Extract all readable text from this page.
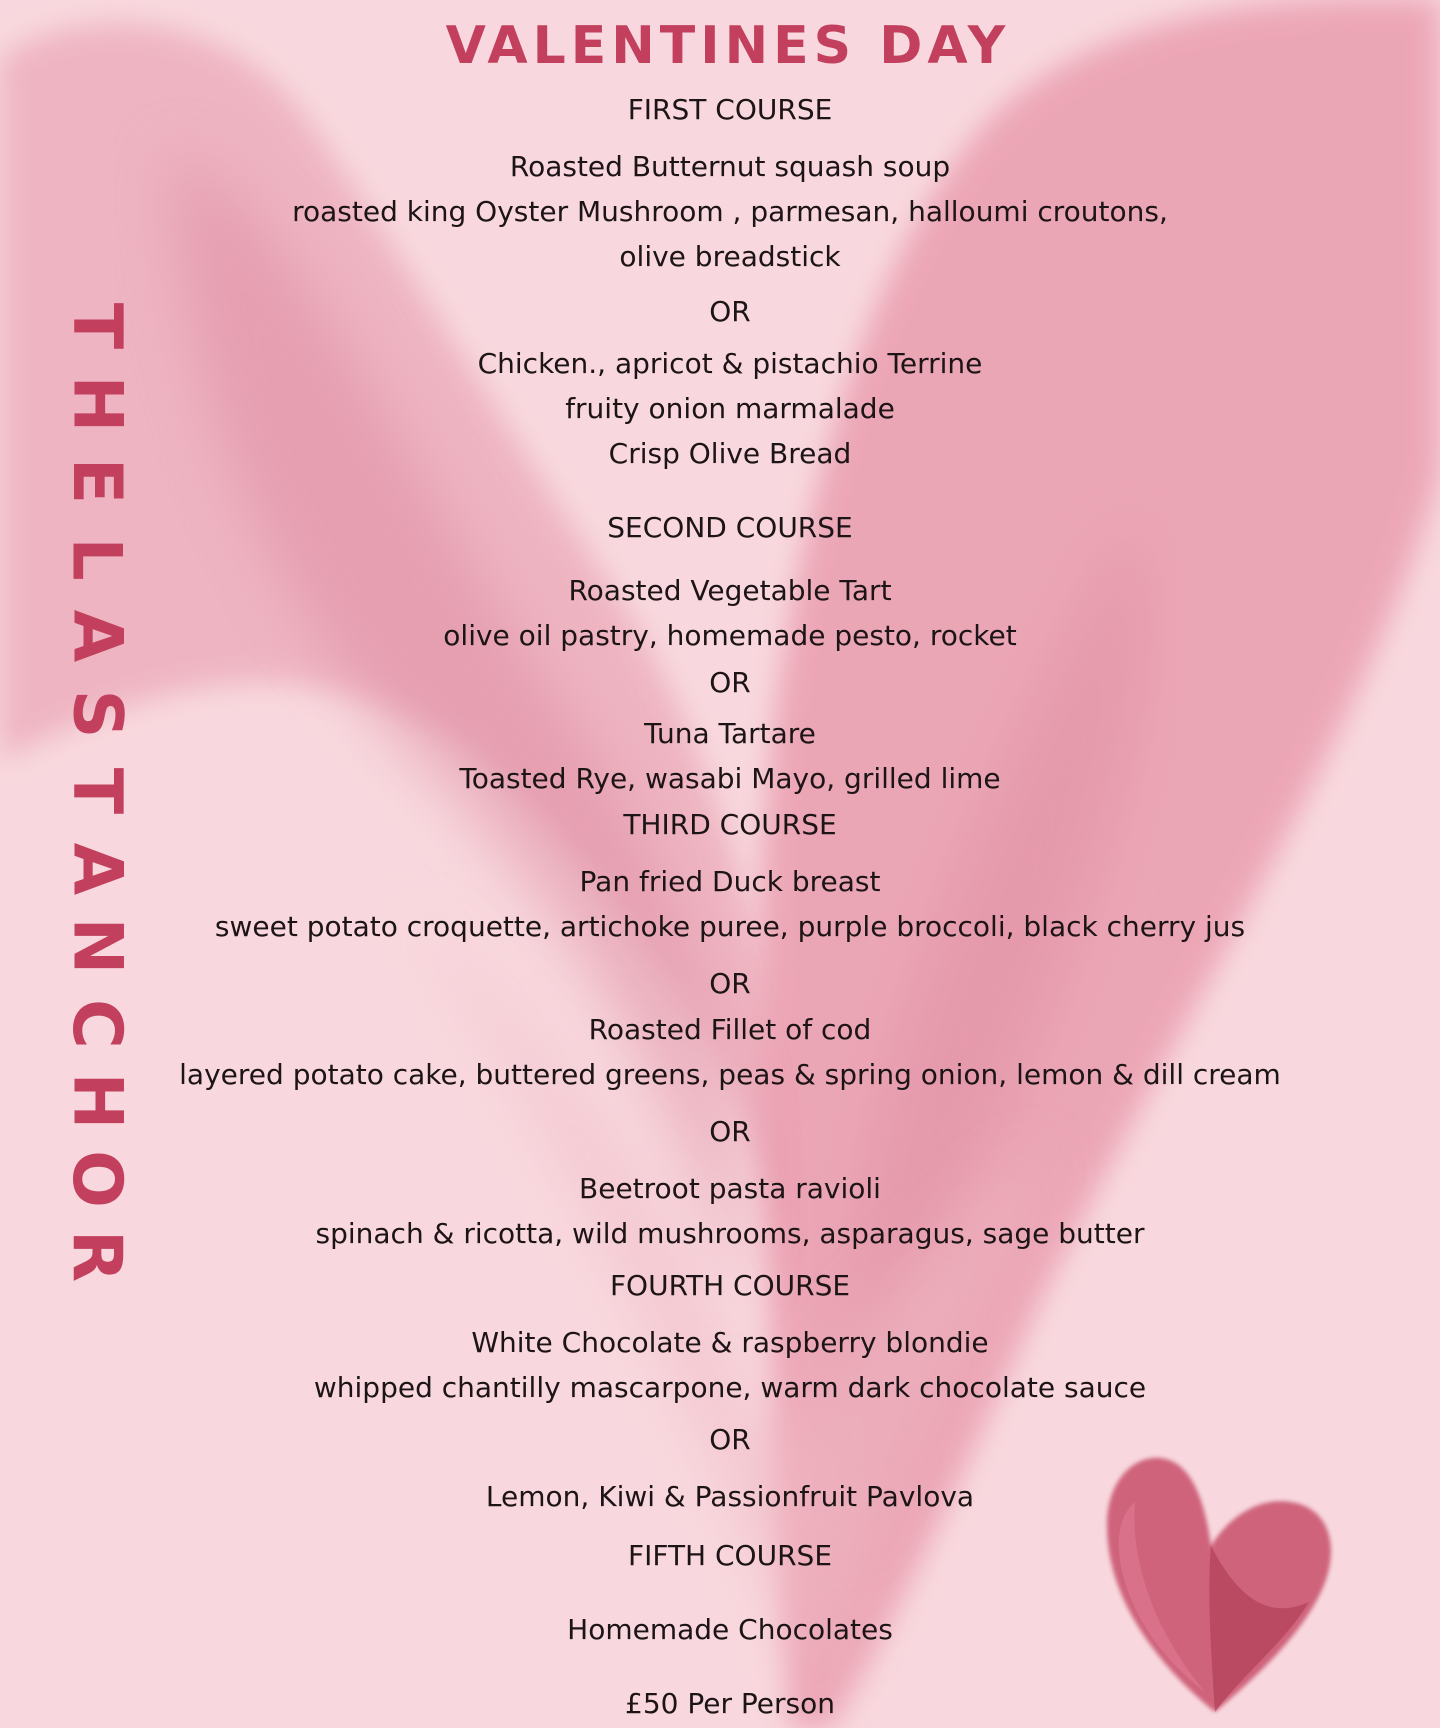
VALENTINES DAY
T
H
E
L
A
S
T
A
N
C
H
O
R
FIRST COURSE
Roasted Butternut squash soup
roasted king Oyster Mushroom , parmesan, halloumi croutons,
olive breadstick
OR
Chicken., apricot & pistachio Terrine
fruity onion marmalade
Crisp Olive Bread
SECOND COURSE
Roasted Vegetable Tart
olive oil pastry, homemade pesto, rocket
OR
Tuna Tartare
Toasted Rye, wasabi Mayo, grilled lime
THIRD COURSE
Pan fried Duck breast
sweet potato croquette, artichoke puree, purple broccoli, black cherry jus
OR
Roasted Fillet of cod
layered potato cake, buttered greens, peas & spring onion, lemon & dill cream
OR
Beetroot pasta ravioli
spinach & ricotta, wild mushrooms, asparagus, sage butter
FOURTH COURSE
White Chocolate & raspberry blondie
whipped chantilly mascarpone, warm dark chocolate sauce
OR
Lemon, Kiwi & Passionfruit Pavlova
FIFTH COURSE
Homemade Chocolates
£50 Per Person
